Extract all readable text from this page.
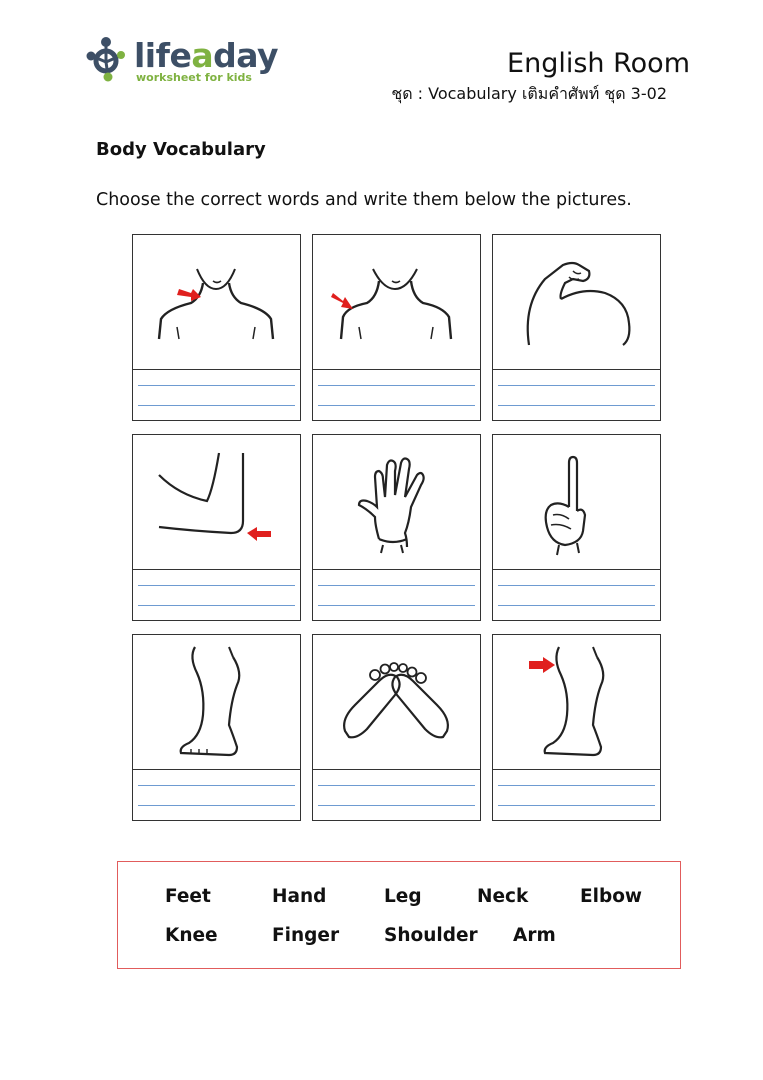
lifeaday
worksheet for kids	English Room
ชุด : Vocabulary เติมคำศัพท์ ชุด 3-02
Body Vocabulary
Choose the correct words and write them below the pictures.
Feet	Hand	Leg	Neck	Elbow
Knee	Finger Shoulder Arm
